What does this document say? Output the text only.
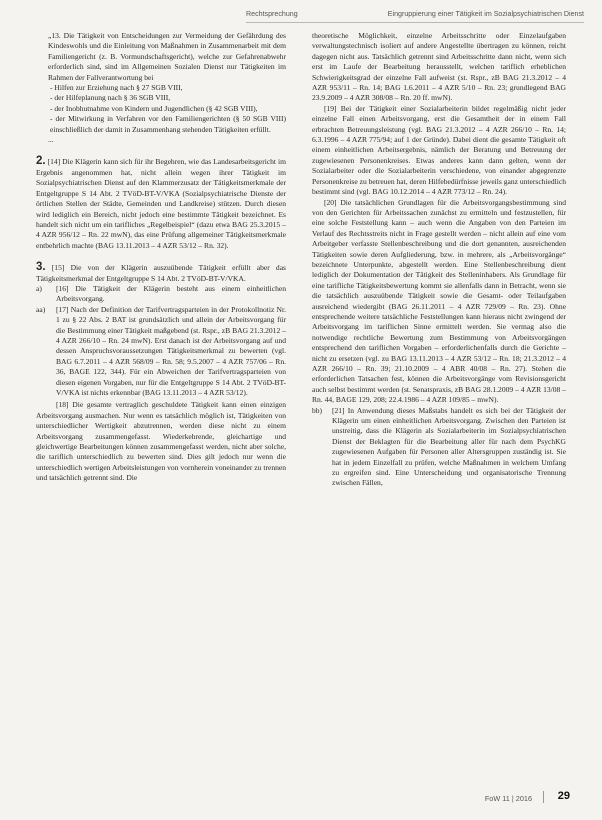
Rechtsprechung	Eingruppierung einer Tätigkeit im Sozialpsychiatrischen Dienst

„13. Die Tätigkeit von Entscheidungen zur Vermeidung der Gefährdung des Kindeswohls und die Einleitung von Maßnahmen in Zusammenarbeit mit dem Familiengericht (z. B. Vormundschaftsgericht), welche zur Gefahrenabwehr erforderlich sind, sind im Allgemeinen Sozialen Dienst nur Tätigkeiten im Rahmen der Fallverantwortung bei

- Hilfen zur Erziehung nach § 27 SGB VIII,

- der Hilfeplanung nach § 36 SGB VIII,

- der Inobhutnahme von Kindern und Jugendlichen (§ 42 SGB VIII),

- der Mitwirkung in Verfahren vor den Familiengerichten (§ 50 SGB VIII) einschließlich der damit in Zusammenhang stehenden Tätigkeiten erfüllt.

...

2. [14] Die Klägerin kann sich für ihr Begehren, wie das Landesarbeitsgericht im Ergebnis angenommen hat, nicht allein wegen ihrer Tätigkeit im Sozialpsychiatrischen Dienst auf den Klammerzusatz der Tätigkeitsmerkmale der Entgeltgruppe S 14 Abt. 2 TVöD-BT-V/VKA (Sozialpsychiatrische Dienste der örtlichen Stellen der Städte, Gemeinden und Landkreise) stützen. Durch diesen wird lediglich ein Bereich, nicht jedoch eine bestimmte Tätigkeit bezeichnet. Es handelt sich nicht um ein tarifliches „Regelbeispiel“ (dazu etwa BAG 25.3.2015 – 4 AZR 956/12 – Rn. 22 mwN), das eine Prüfung allgemeiner Tätigkeitsmerkmale entbehrlich machte (BAG 13.11.2013 – 4 AZR 53/12 – Rn. 32).

3. [15] Die von der Klägerin auszuübende Tätigkeit erfüllt aber das Tätigkeitsmerkmal der Entgeltgruppe S 14 Abt. 2 TVöD-BT-V/VKA.

a)	[16] Die Tätigkeit der Klägerin besteht aus einem einheitlichen Arbeitsvorgang.

aa)	[17] Nach der Definition der Tarifvertragsparteien in der Protokollnotiz Nr. 1 zu § 22 Abs. 2 BAT ist grundsätzlich und allein der Arbeitsvorgang für die Bestimmung einer Tätigkeit maßgebend (st. Rspr., zB BAG 21.3.2012 – 4 AZR 266/10 – Rn. 24 mwN). Erst danach ist der Arbeitsvorgang auf und dessen Anspruchsvoraussetzungen Tätigkeitsmerkmal zu bewerten (vgl. BAG 6.7.2011 – 4 AZR 568/09 – Rn. 58; 9.5.2007 – 4 AZR 757/06 – Rn. 36, BAGE 122, 344). Für ein Abweichen der Tarifvertragsparteien von diesen eigenen Vorgaben, nur für die Entgeltgruppe S 14 Abt. 2 TVöD-BT-V/VKA ist nichts erkennbar (BAG 13.11.2013 – 4 AZR 53/12).

[18] Die gesamte vertraglich geschuldete Tätigkeit kann einen einzigen Arbeitsvorgang ausmachen. Nur wenn es tatsächlich möglich ist, Tätigkeiten von unterschiedlicher Wertigkeit abzutrennen, werden diese nicht zu einem Arbeitsvorgang zusammengefasst. Wiederkehrende, gleichartige und gleichwertige Bearbeitungen können zusammengefasst werden, nicht aber solche, die tariflich unterschiedlich zu bewerten sind. Dies gilt jedoch nur wenn die unterschiedlich wertigen Arbeitsleistungen von vornherein voneinander zu trennen und tatsächlich getrennt sind. Die

theoretische Möglichkeit, einzelne Arbeitsschritte oder Einzelaufgaben verwaltungstechnisch isoliert auf andere Angestellte übertragen zu können, reicht dagegen nicht aus. Tatsächlich getrennt sind Arbeitsschritte dann nicht, wenn sich erst im Laufe der Bearbeitung herausstellt, welchen tariflich erheblichen Schwierigkeitsgrad der einzelne Fall aufweist (st. Rspr., zB BAG 21.3.2012 – 4 AZR 953/11 – Rn. 14; BAG 1.6.2011 – 4 AZR 5/10 – Rn. 23; grundlegend BAG 23.9.2009 – 4 AZR 308/08 – Rn. 20 ff. mwN).

[19] Bei der Tätigkeit einer Sozialarbeiterin bildet regelmäßig nicht jeder einzelne Fall einen Arbeitsvorgang, erst die Gesamtheit der in einem Fall erbrachten Betreuungsleistung (vgl. BAG 21.3.2012 – 4 AZR 266/10 – Rn. 14; 6.3.1996 – 4 AZR 775/94; auf 1 der Gründe). Dabei dient die gesamte Tätigkeit oft einem einheitlichen Arbeitsergebnis, nämlich der Beratung und Betreuung der zugewiesenen Personenkreises. Etwas anderes kann dann gelten, wenn der Sozialarbeiter oder die Sozialarbeiterin verschiedene, von einander abgegrenzte Personenkreise zu betreuen hat, deren Hilfebedürfnisse jeweils ganz unterschiedlich bestimmt sind (vgl. BAG 10.12.2014 – 4 AZR 773/12 – Rn. 24).

[20] Die tatsächlichen Grundlagen für die Arbeitsvorgangsbestimmung sind von den Gerichten für Arbeitssachen zunächst zu ermitteln und festzustellen, für eine solche Feststellung kann – auch wenn die Angaben von den Parteien im Verlauf des Rechtsstreits nicht in Frage gestellt werden – nicht allein auf eine vom Arbeitgeber verfasste Stellenbeschreibung und die dort genannten, ausreichenden Tätigkeiten sowie deren Aufgliederung, bzw. in mehrere, als „Arbeitsvorgänge“ bezeichnete Unterpunkte, abgestellt werden. Eine Stellenbeschreibung dient lediglich der Dokumentation der Tätigkeit des Stelleninhabers. Als Grundlage für eine tarifliche Tätigkeitsbewertung kommt sie allenfalls dann in Betracht, wenn sie die tatsächlich auszuübende Tätigkeit sowie die Gesamt- oder Teilaufgaben ausreichend wiedergibt (BAG 26.11.2011 – 4 AZR 729/09 – Rn. 23). Ohne entsprechende weitere tatsächliche Feststellungen kann hieraus nicht zwingend der Arbeitsvorgang im tariflichen Sinne ermittelt werden. Sie vermag also die notwendige rechtliche Bewertung zum Bestimmung von Arbeitsvorgängen entsprechend den tariflichen Vorgaben – erforderlichenfalls durch die Gerichte – nicht zu ersetzen (vgl. zu BAG 13.11.2013 – 4 AZR 53/12 – Rn. 18; 21.3.2012 – 4 AZR 266/10 – Rn. 39; 21.10.2009 – 4 ABR 40/08 – Rn. 27). Stehen die erforderlichen Tatsachen fest, können die Arbeitsvorgänge vom Revisionsgericht auch selbst bestimmt werden (st. Senatspraxis, zB BAG 28.1.2009 – 4 AZR 13/08 – Rn. 44, BAGE 129, 208; 22.4.1986 – 4 AZR 109/85 – mwN).

bb)	[21] In Anwendung dieses Maßstabs handelt es sich bei der Tätigkeit der Klägerin um einen einheitlichen Arbeitsvorgang. Zwischen den Parteien ist unstreitig, dass die Klägerin als Sozialarbeiterin im Sozialpsychiatrischen Dienst der Beklagten für die Bearbeitung aller für nach dem PsychKG zugewiesenen Aufgaben für Personen aller Altersgruppen zuständig ist. Sie hat in jedem Einzelfall zu prüfen, welche Maßnahmen in welchem Umfang zu ergreifen sind. Eine Unterscheidung und organisatorische Trennung zwischen Fällen,

FoW 11 | 2016 29
